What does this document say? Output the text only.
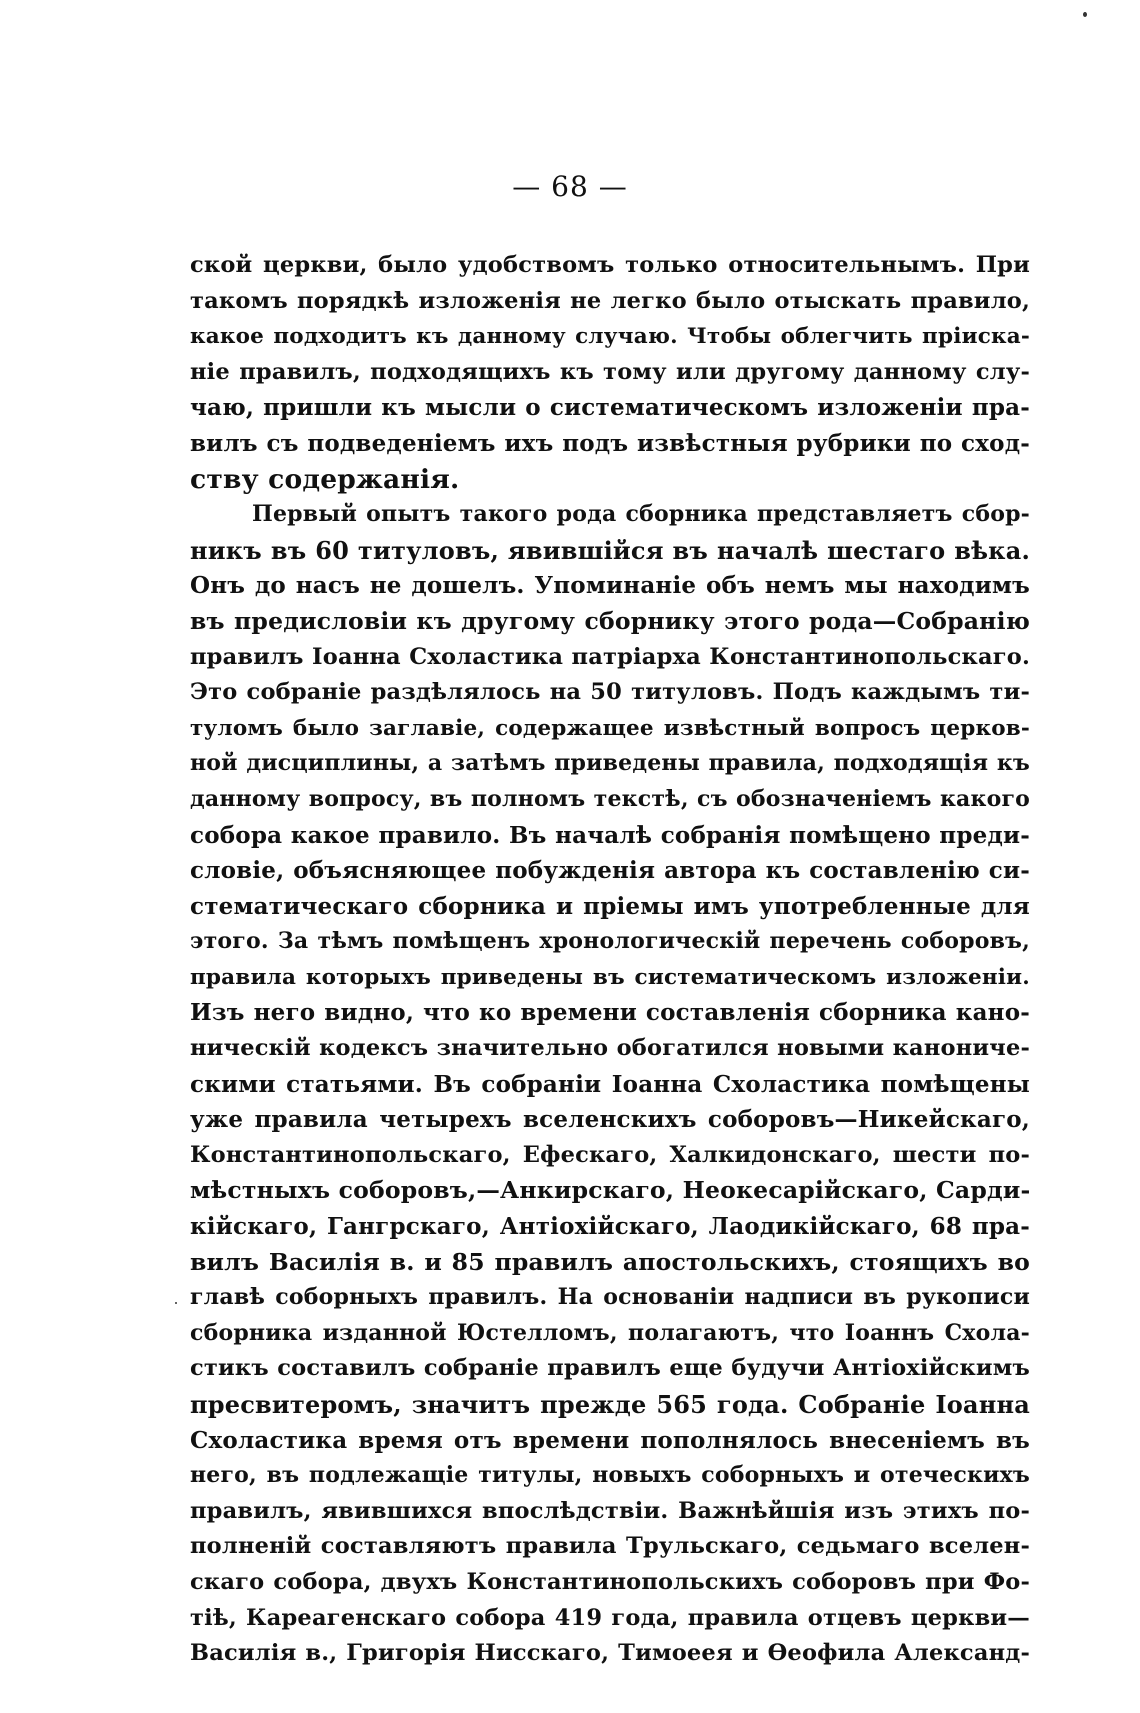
— 68 —
ской церкви, было удобствомъ только относительнымъ. При
такомъ порядкѣ изложенія не легко было отыскать правило,
какое подходитъ къ данному случаю. Чтобы облегчить пріиска-
ніе правилъ, подходящихъ къ тому или другому данному слу-
чаю, пришли къ мысли о систематическомъ изложеніи пра-
вилъ съ подведеніемъ ихъ подъ извѣстныя рубрики по сход-
ству содержанія.
Первый опытъ такого рода сборника представляетъ сбор-
никъ въ 60 титуловъ, явившійся въ началѣ шестаго вѣка.
Онъ до насъ не дошелъ. Упоминаніе объ немъ мы находимъ
въ предисловіи къ другому сборнику этого рода—Собранію
правилъ Іоанна Схоластика патріарха Константинопольскаго.
Это собраніе раздѣлялось на 50 титуловъ. Подъ каждымъ ти-
туломъ было заглавіе, содержащее извѣстный вопросъ церков-
ной дисциплины, а затѣмъ приведены правила, подходящія къ
данному вопросу, въ полномъ текстѣ, съ обозначеніемъ какого
собора какое правило. Въ началѣ собранія помѣщено преди-
словіе, объясняющее побужденія автора къ составленію си-
стематическаго сборника и пріемы имъ употребленные для
этого. За тѣмъ помѣщенъ хронологическій перечень соборовъ,
правила которыхъ приведены въ систематическомъ изложеніи.
Изъ него видно, что ко времени составленія сборника кано-
ническій кодексъ значительно обогатился новыми канониче-
скими статьями. Въ собраніи Іоанна Схоластика помѣщены
уже правила четырехъ вселенскихъ соборовъ—Никейскаго,
Константинопольскаго, Ефескаго, Халкидонскаго, шести по-
мѣстныхъ соборовъ,—Анкирскаго, Неокесарійскаго, Сарди-
кійскаго, Гангрскаго, Антіохійскаго, Лаодикійскаго, 68 пра-
вилъ Василія в. и 85 правилъ апостольскихъ, стоящихъ во
главѣ соборныхъ правилъ. На основаніи надписи въ рукописи
сборника изданной Юстелломъ, полагаютъ, что Іоаннъ Схола-
стикъ составилъ собраніе правилъ еще будучи Антіохійскимъ
пресвитеромъ, значитъ прежде 565 года. Собраніе Іоанна
Схоластика время отъ времени пополнялось внесеніемъ въ
него, въ подлежащіе титулы, новыхъ соборныхъ и отеческихъ
правилъ, явившихся впослѣдствіи. Важнѣйшія изъ этихъ по-
полненій составляютъ правила Трульскаго, седьмаго вселен-
скаго собора, двухъ Константинопольскихъ соборовъ при Фо-
тіѣ, Кареагенскаго собора 419 года, правила отцевъ церкви—
Василія в., Григорія Нисскаго, Тимоеея и Ѳеофила Александ-
